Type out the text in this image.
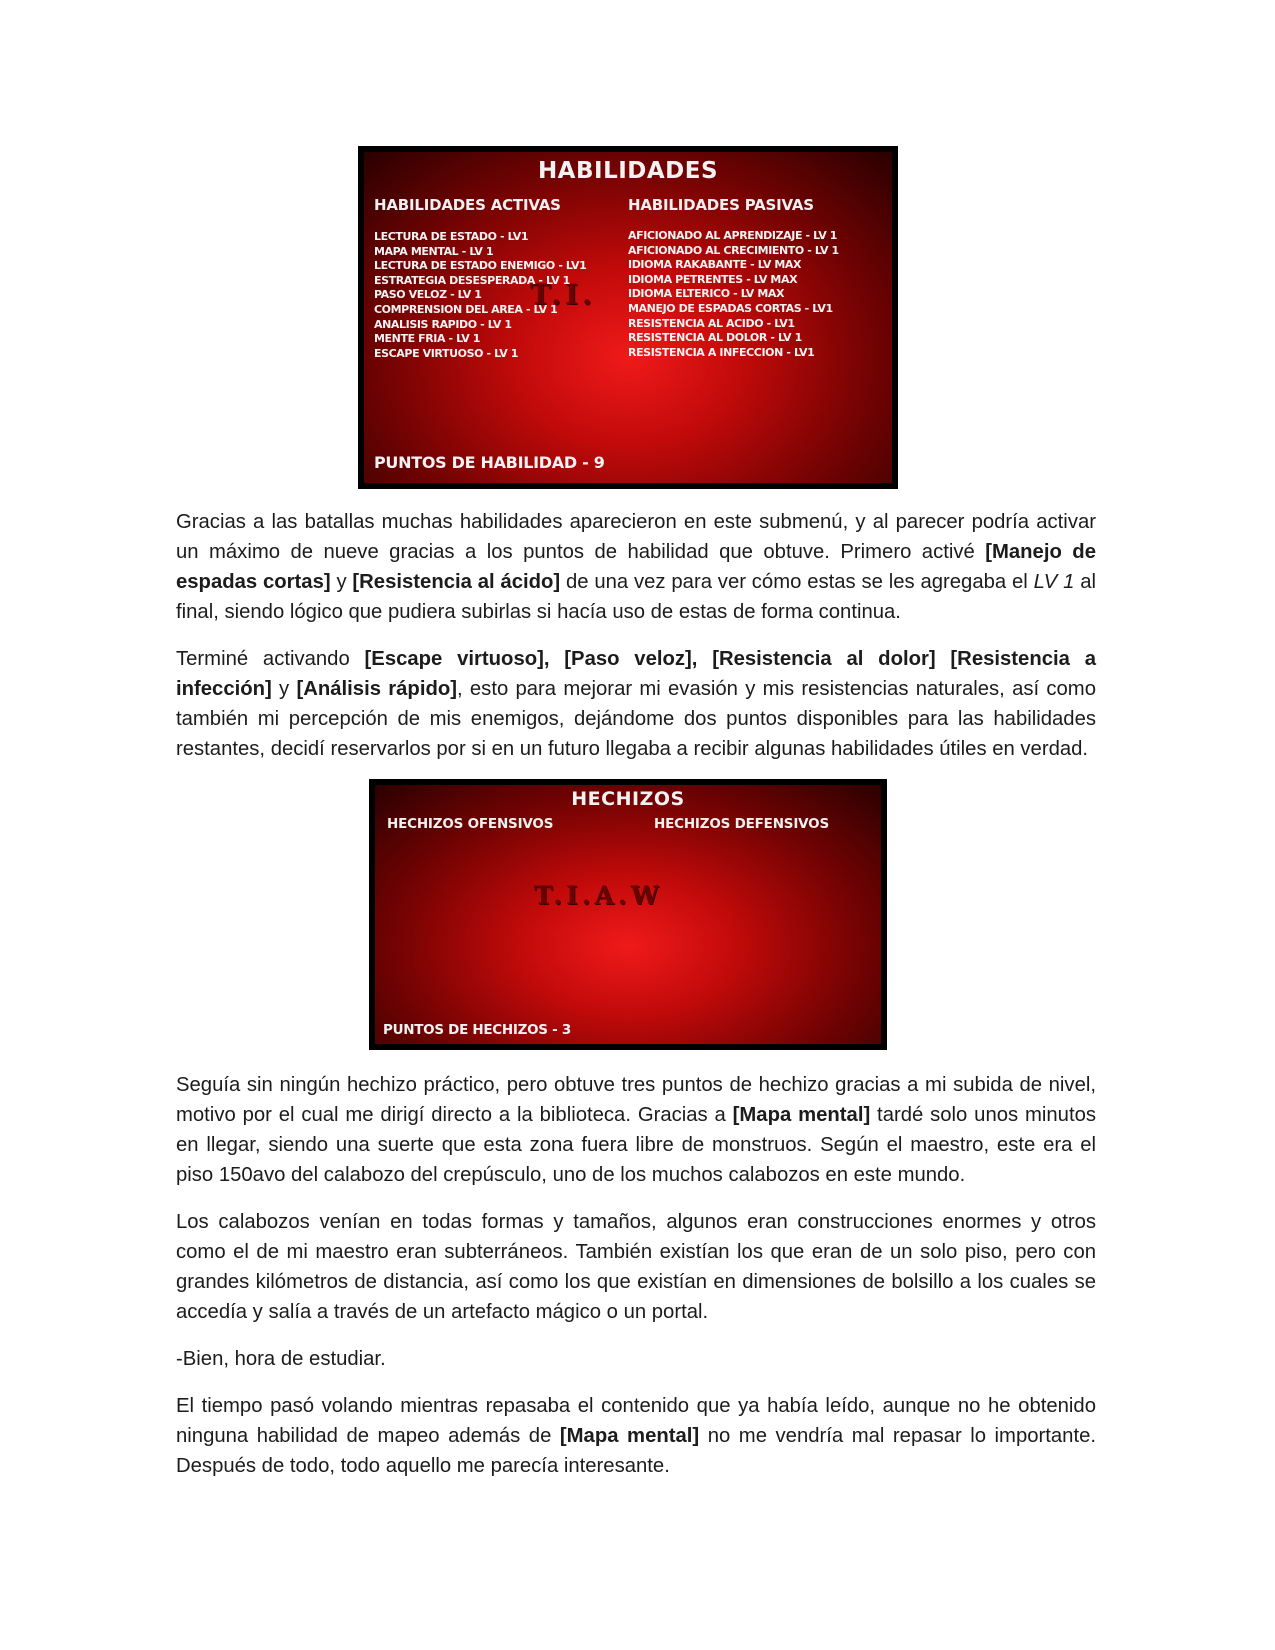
HABILIDADES
HABILIDADES ACTIVAS	HABILIDADES PASIVAS
T.I.
LECTURA DE ESTADO - LV1
MAPA MENTAL - LV 1
LECTURA DE ESTADO ENEMIGO - LV1
ESTRATEGIA DESESPERADA - LV 1
PASO VELOZ - LV 1
COMPRENSION DEL AREA - LV 1
ANALISIS RAPIDO - LV 1
MENTE FRIA - LV 1
ESCAPE VIRTUOSO - LV 1
AFICIONADO AL APRENDIZAJE - LV 1
AFICIONADO AL CRECIMIENTO - LV 1
IDIOMA RAKABANTE - LV MAX
IDIOMA PETRENTES - LV MAX
IDIOMA ELTERICO - LV MAX
MANEJO DE ESPADAS CORTAS - LV1
RESISTENCIA AL ACIDO - LV1
RESISTENCIA AL DOLOR - LV 1
RESISTENCIA A INFECCION - LV1
PUNTOS DE HABILIDAD - 9

Gracias a las batallas muchas habilidades aparecieron en este submenú, y al parecer podría activar un máximo de nueve gracias a los puntos de habilidad que obtuve. Primero activé [Manejo de espadas cortas] y [Resistencia al ácido] de una vez para ver cómo estas se les agregaba el LV 1 al final, siendo lógico que pudiera subirlas si hacía uso de estas de forma continua.

Terminé activando [Escape virtuoso], [Paso veloz], [Resistencia al dolor] [Resistencia a infección] y [Análisis rápido], esto para mejorar mi evasión y mis resistencias naturales, así como también mi percepción de mis enemigos, dejándome dos puntos disponibles para las habilidades restantes, decidí reservarlos por si en un futuro llegaba a recibir algunas habilidades útiles en verdad.

HECHIZOS
HECHIZOS OFENSIVOS	HECHIZOS DEFENSIVOS
T.I.A.W
PUNTOS DE HECHIZOS - 3

Seguía sin ningún hechizo práctico, pero obtuve tres puntos de hechizo gracias a mi subida de nivel, motivo por el cual me dirigí directo a la biblioteca. Gracias a [Mapa mental] tardé solo unos minutos en llegar, siendo una suerte que esta zona fuera libre de monstruos. Según el maestro, este era el piso 150avo del calabozo del crepúsculo, uno de los muchos calabozos en este mundo.

Los calabozos venían en todas formas y tamaños, algunos eran construcciones enormes y otros como el de mi maestro eran subterráneos. También existían los que eran de un solo piso, pero con grandes kilómetros de distancia, así como los que existían en dimensiones de bolsillo a los cuales se accedía y salía a través de un artefacto mágico o un portal.

-Bien, hora de estudiar.

El tiempo pasó volando mientras repasaba el contenido que ya había leído, aunque no he obtenido ninguna habilidad de mapeo además de [Mapa mental] no me vendría mal repasar lo importante. Después de todo, todo aquello me parecía interesante.
